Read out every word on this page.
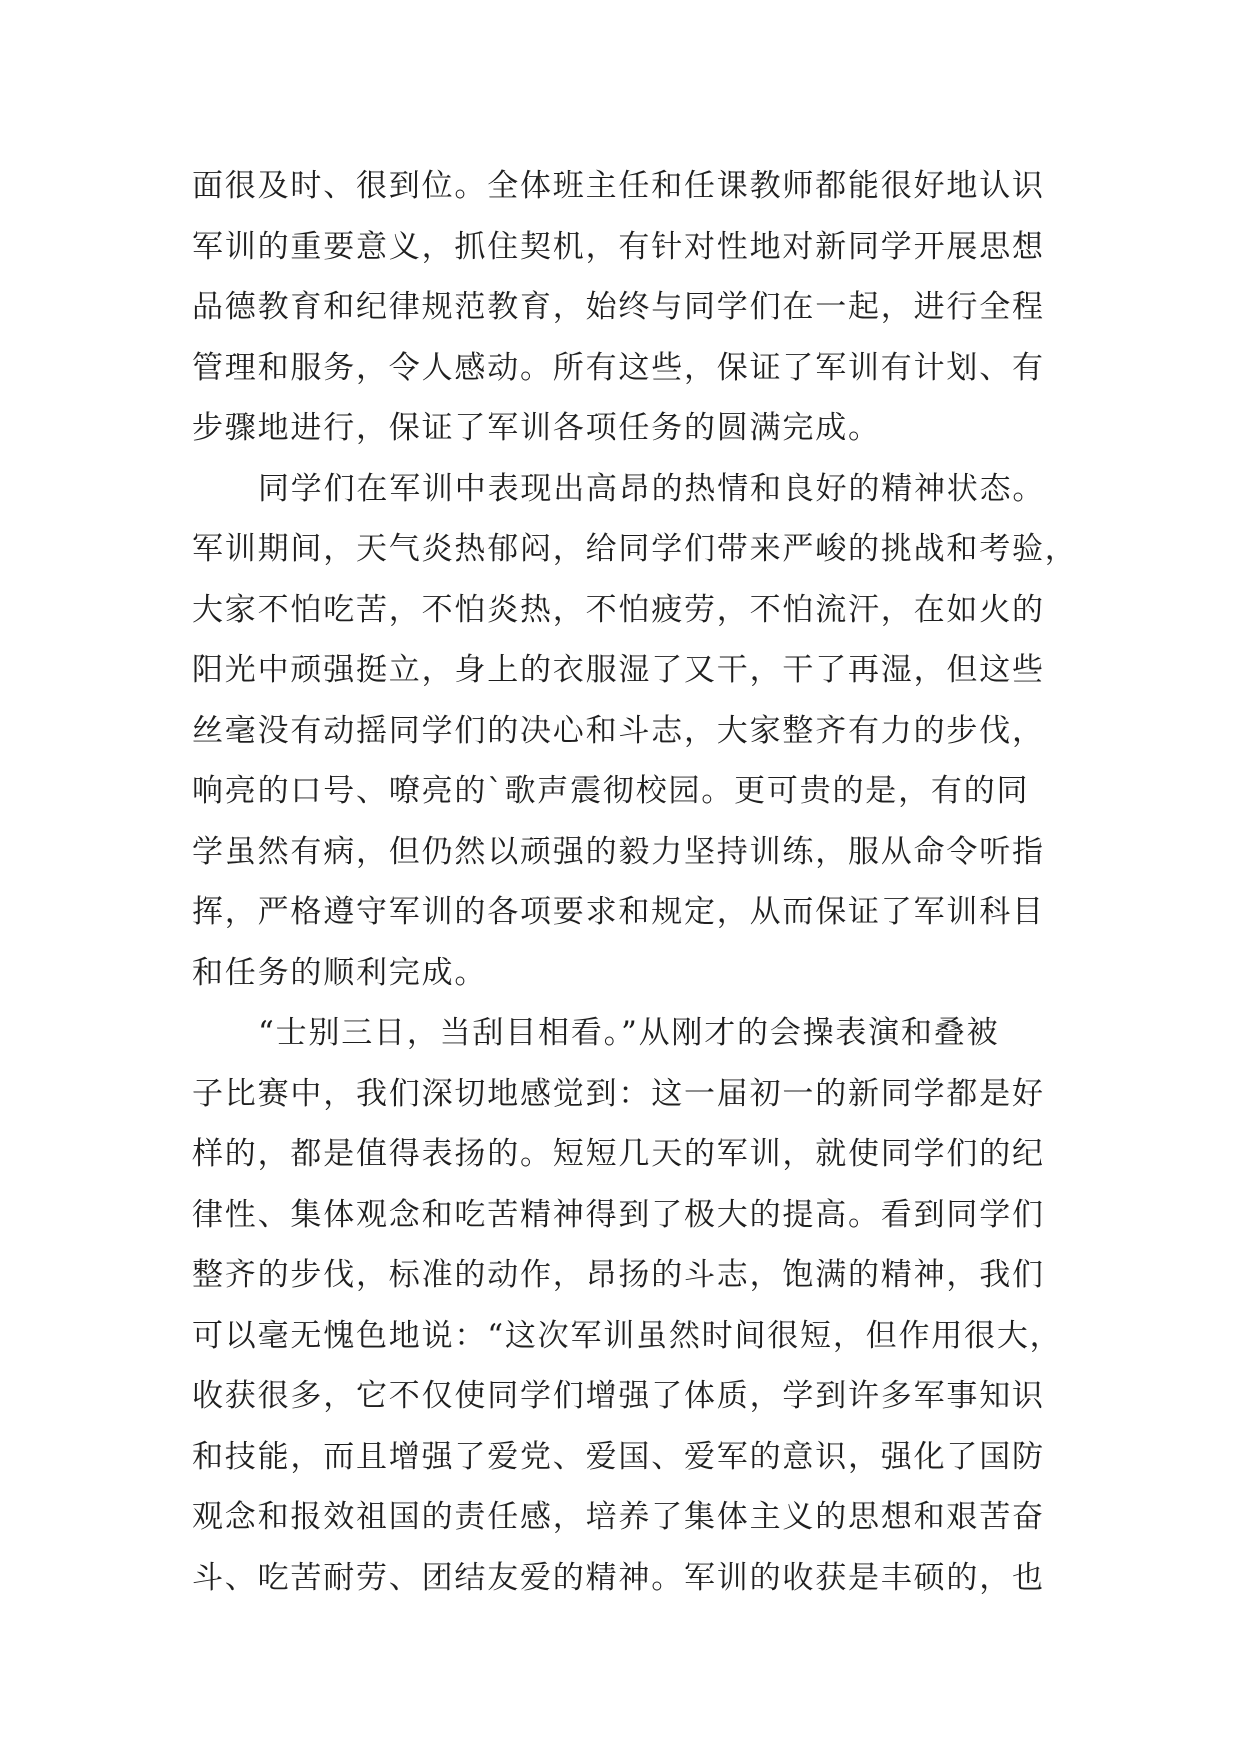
面很及时、很到位。全体班主任和任课教师都能很好地认识
军训的重要意义，抓住契机，有针对性地对新同学开展思想
品德教育和纪律规范教育，始终与同学们在一起，进行全程
管理和服务，令人感动。所有这些，保证了军训有计划、有
步骤地进行，保证了军训各项任务的圆满完成。

同学们在军训中表现出高昂的热情和良好的精神状态。
军训期间，天气炎热郁闷，给同学们带来严峻的挑战和考验，
大家不怕吃苦，不怕炎热，不怕疲劳，不怕流汗，在如火的
阳光中顽强挺立，身上的衣服湿了又干，干了再湿，但这些
丝毫没有动摇同学们的决心和斗志，大家整齐有力的步伐，
响亮的口号、嘹亮的`歌声震彻校园。更可贵的是，有的同
学虽然有病，但仍然以顽强的毅力坚持训练，服从命令听指
挥，严格遵守军训的各项要求和规定，从而保证了军训科目
和任务的顺利完成。

“士别三日，当刮目相看。”从刚才的会操表演和叠被
子比赛中，我们深切地感觉到：这一届初一的新同学都是好
样的，都是值得表扬的。短短几天的军训，就使同学们的纪
律性、集体观念和吃苦精神得到了极大的提高。看到同学们
整齐的步伐，标准的动作，昂扬的斗志，饱满的精神，我们
可以毫无愧色地说：“这次军训虽然时间很短，但作用很大，
收获很多，它不仅使同学们增强了体质，学到许多军事知识
和技能，而且增强了爱党、爱国、爱军的意识，强化了国防
观念和报效祖国的责任感，培养了集体主义的思想和艰苦奋
斗、吃苦耐劳、团结友爱的精神。军训的收获是丰硕的，也
